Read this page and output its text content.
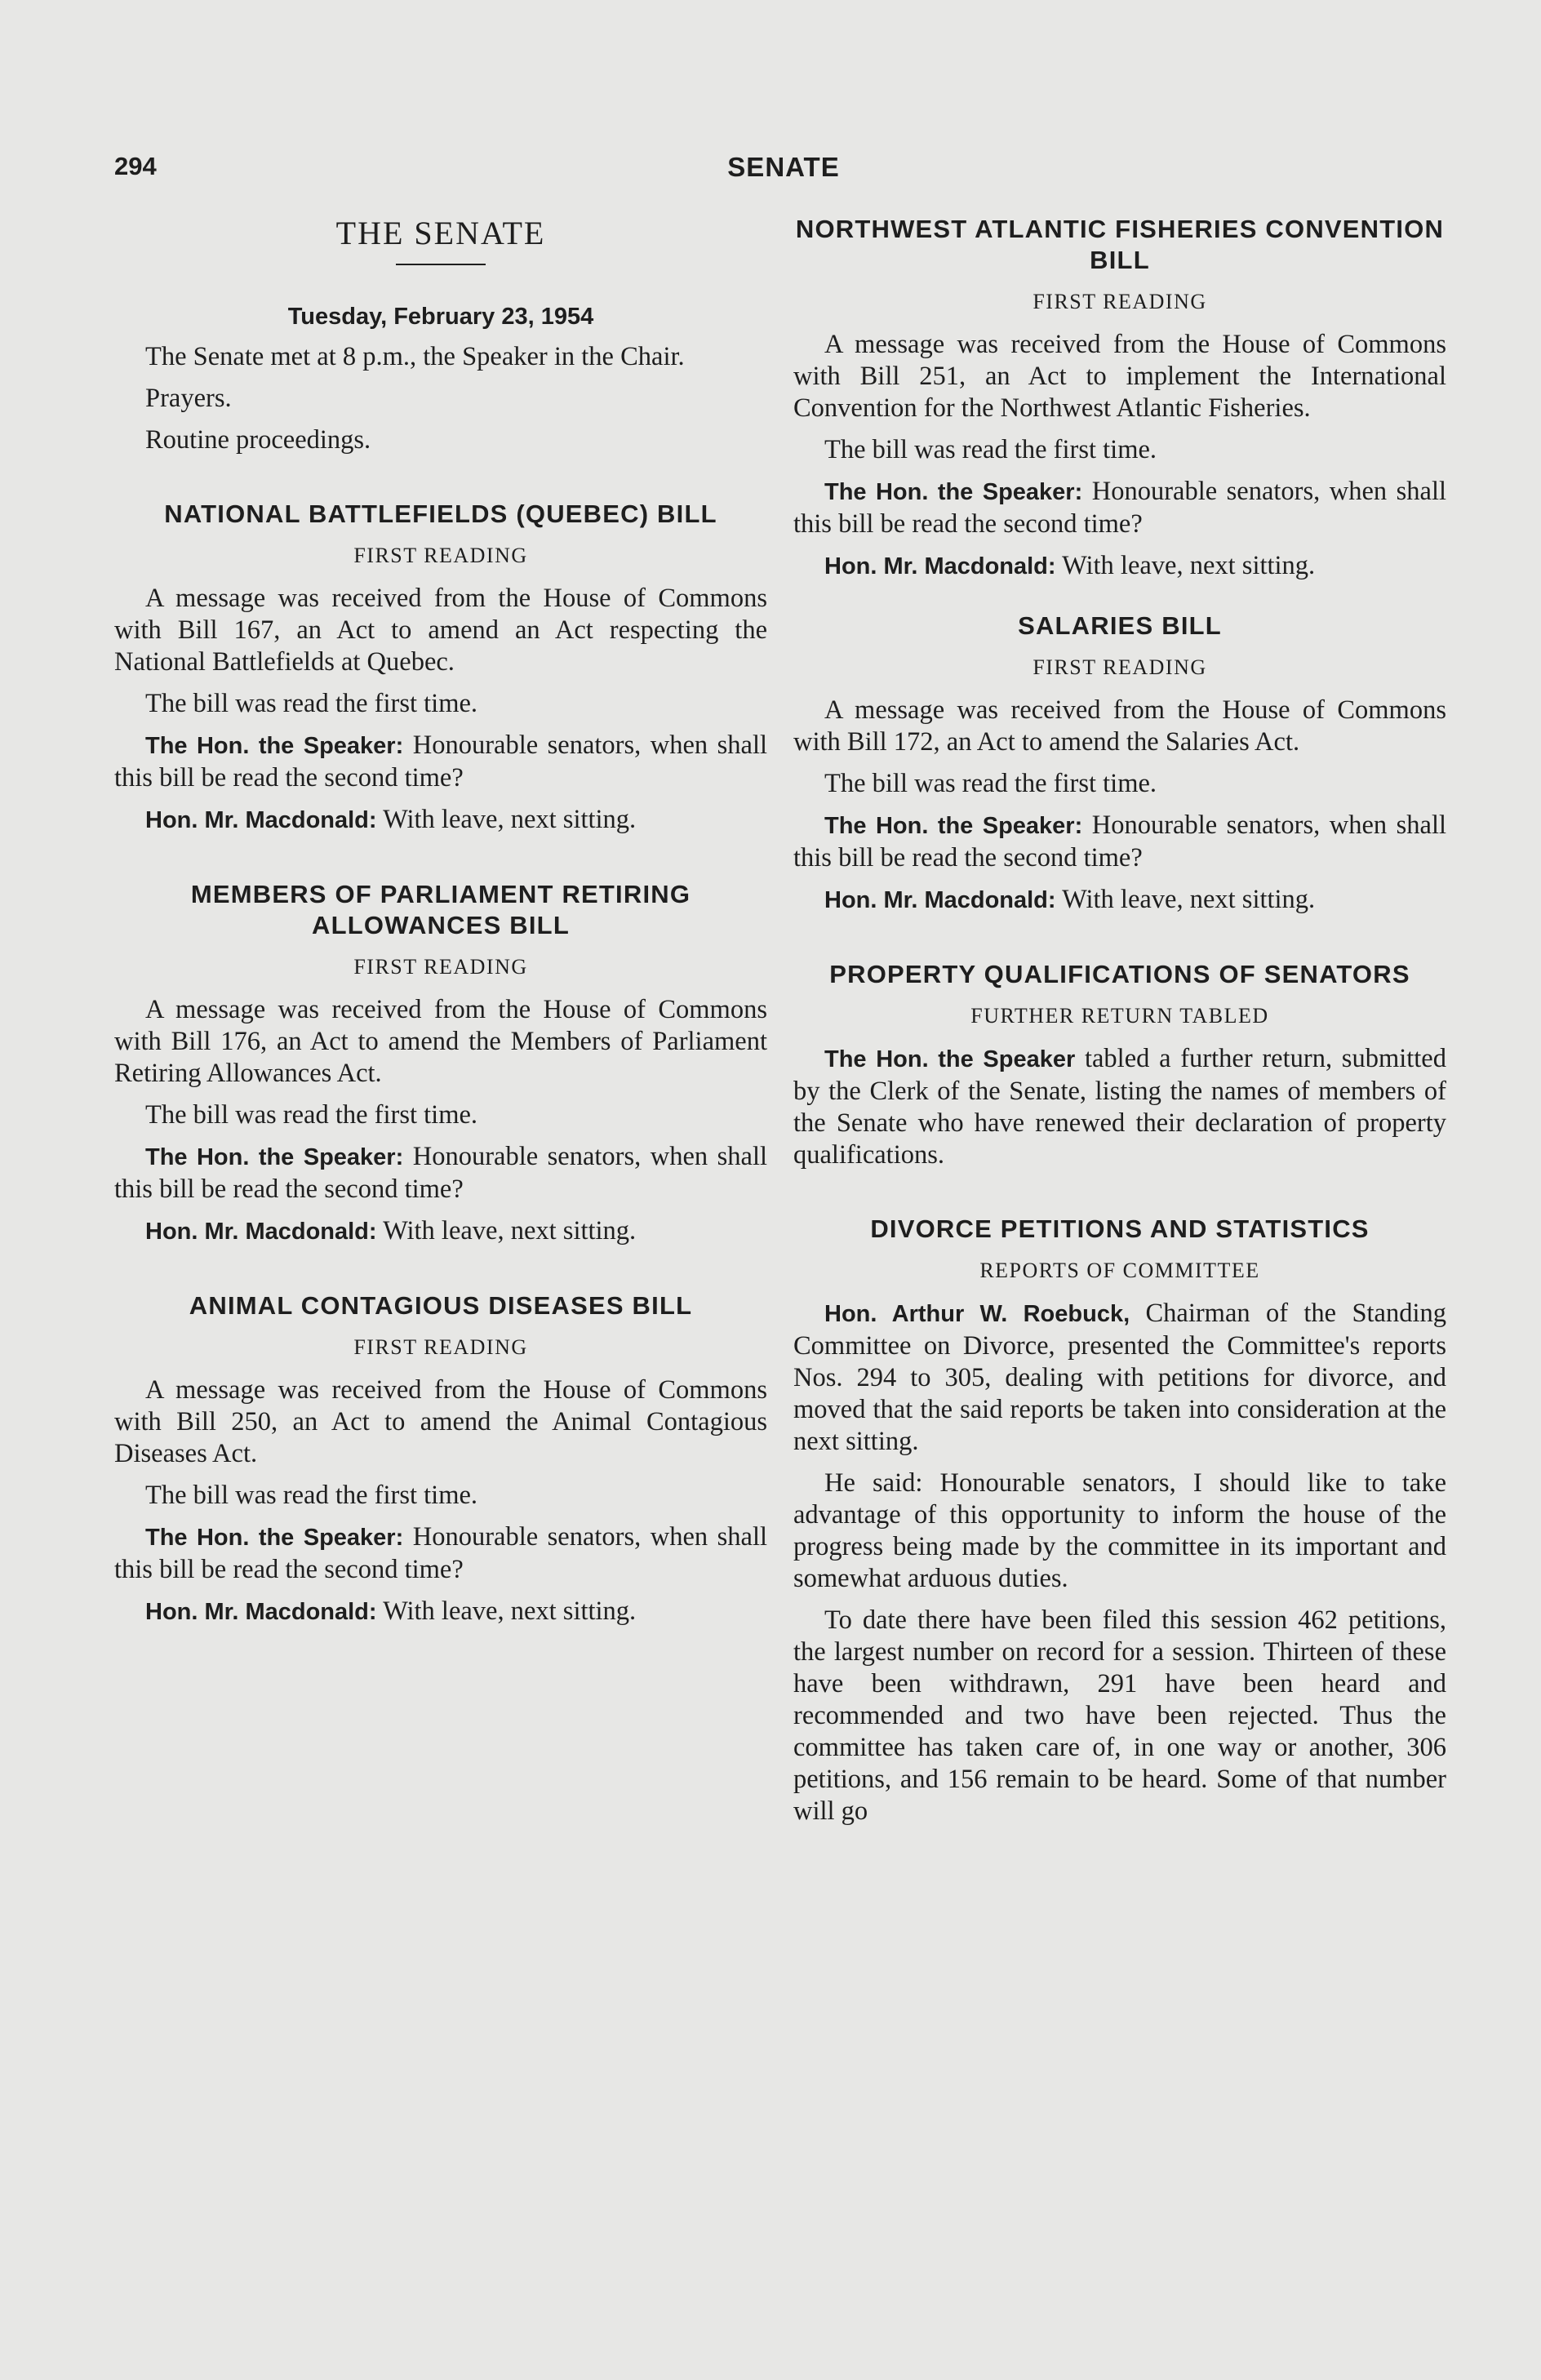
294	SENATE
THE SENATE
Tuesday, February 23, 1954

The Senate met at 8 p.m., the Speaker in the Chair.

Prayers.

Routine proceedings.

NATIONAL BATTLEFIELDS (QUEBEC) BILL
FIRST READING

A message was received from the House of Commons with Bill 167, an Act to amend an Act respecting the National Battlefields at Quebec.

The bill was read the first time.

The Hon. the Speaker: Honourable senators, when shall this bill be read the second time?

Hon. Mr. Macdonald: With leave, next sitting.

MEMBERS OF PARLIAMENT RETIRING ALLOWANCES BILL
FIRST READING

A message was received from the House of Commons with Bill 176, an Act to amend the Members of Parliament Retiring Allowances Act.

The bill was read the first time.

The Hon. the Speaker: Honourable senators, when shall this bill be read the second time?

Hon. Mr. Macdonald: With leave, next sitting.

ANIMAL CONTAGIOUS DISEASES BILL
FIRST READING

A message was received from the House of Commons with Bill 250, an Act to amend the Animal Contagious Diseases Act.

The bill was read the first time.

The Hon. the Speaker: Honourable senators, when shall this bill be read the second time?

Hon. Mr. Macdonald: With leave, next sitting.

NORTHWEST ATLANTIC FISHERIES CONVENTION BILL
FIRST READING

A message was received from the House of Commons with Bill 251, an Act to implement the International Convention for the Northwest Atlantic Fisheries.

The bill was read the first time.

The Hon. the Speaker: Honourable senators, when shall this bill be read the second time?

Hon. Mr. Macdonald: With leave, next sitting.

SALARIES BILL
FIRST READING

A message was received from the House of Commons with Bill 172, an Act to amend the Salaries Act.

The bill was read the first time.

The Hon. the Speaker: Honourable senators, when shall this bill be read the second time?

Hon. Mr. Macdonald: With leave, next sitting.

PROPERTY QUALIFICATIONS OF SENATORS
FURTHER RETURN TABLED

The Hon. the Speaker tabled a further return, submitted by the Clerk of the Senate, listing the names of members of the Senate who have renewed their declaration of property qualifications.

DIVORCE PETITIONS AND STATISTICS
REPORTS OF COMMITTEE

Hon. Arthur W. Roebuck, Chairman of the Standing Committee on Divorce, presented the Committee's reports Nos. 294 to 305, dealing with petitions for divorce, and moved that the said reports be taken into consideration at the next sitting.

He said: Honourable senators, I should like to take advantage of this opportunity to inform the house of the progress being made by the committee in its important and somewhat arduous duties.

To date there have been filed this session 462 petitions, the largest number on record for a session. Thirteen of these have been withdrawn, 291 have been heard and recommended and two have been rejected. Thus the committee has taken care of, in one way or another, 306 petitions, and 156 remain to be heard. Some of that number will go
